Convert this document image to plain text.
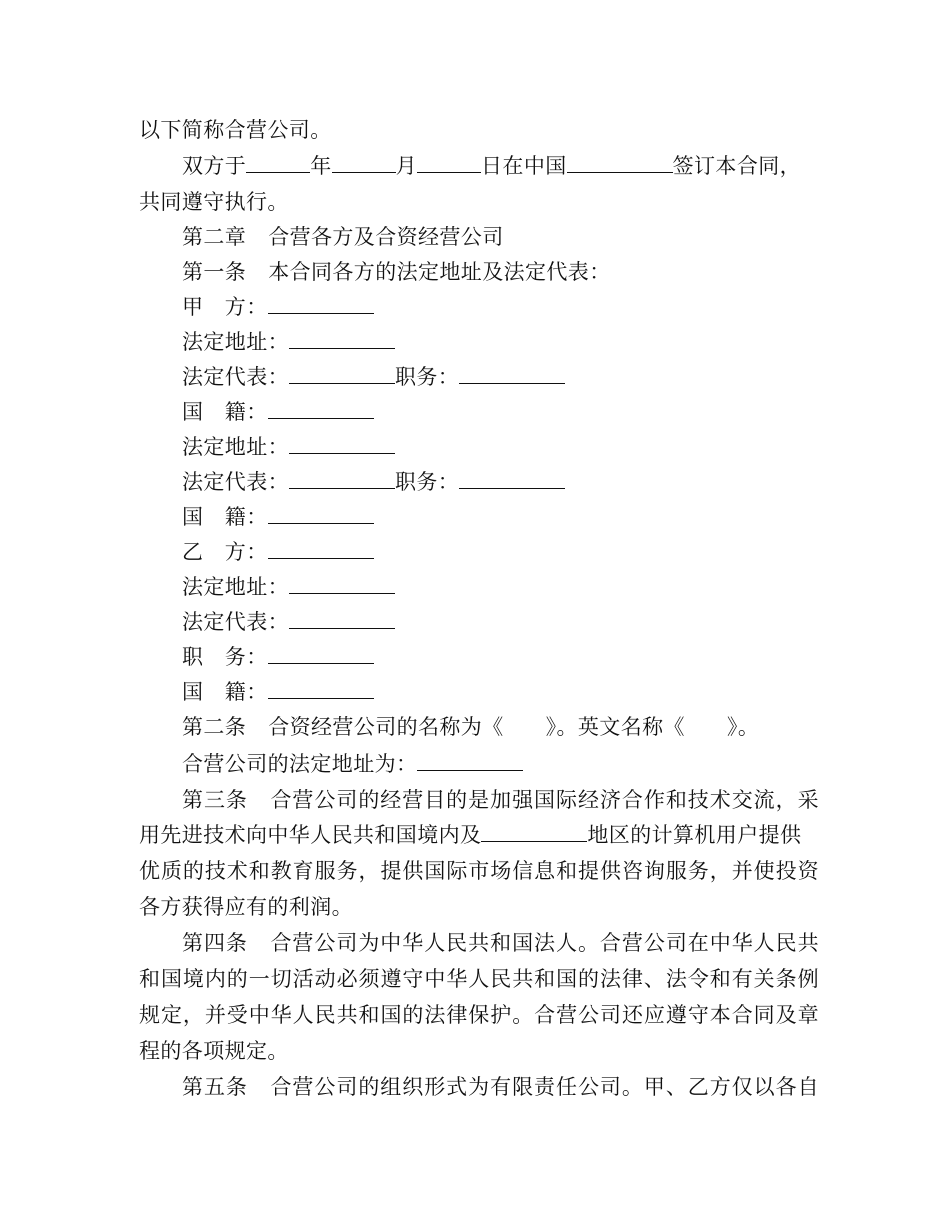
以下简称合营公司。
双方于	年	月	日在中国	签订本合同，
共同遵守执行。
第二章 合营各方及合资经营公司
第一条 本合同各方的法定地址及法定代表：
甲　方：
法定地址：
法定代表：	职务：
国　籍：
法定地址：
法定代表：	职务：
国　籍：
乙　方：
法定地址：
法定代表：
职　务：
国　籍：
第二条 合资经营公司的名称为《 》。英文名称《 》。
合营公司的法定地址为：
第三条 合营公司的经营目的是加强国际经济合作和技术交流，采
用先进技术向中华人民共和国境内及	地区的计算机用户提供
优质的技术和教育服务，提供国际市场信息和提供咨询服务，并使投资
各方获得应有的利润。
第四条 合营公司为中华人民共和国法人。合营公司在中华人民共
和国境内的一切活动必须遵守中华人民共和国的法律、法令和有关条例
规定，并受中华人民共和国的法律保护。合营公司还应遵守本合同及章
程的各项规定。
第五条 合营公司的组织形式为有限责任公司。甲、乙方仅以各自
